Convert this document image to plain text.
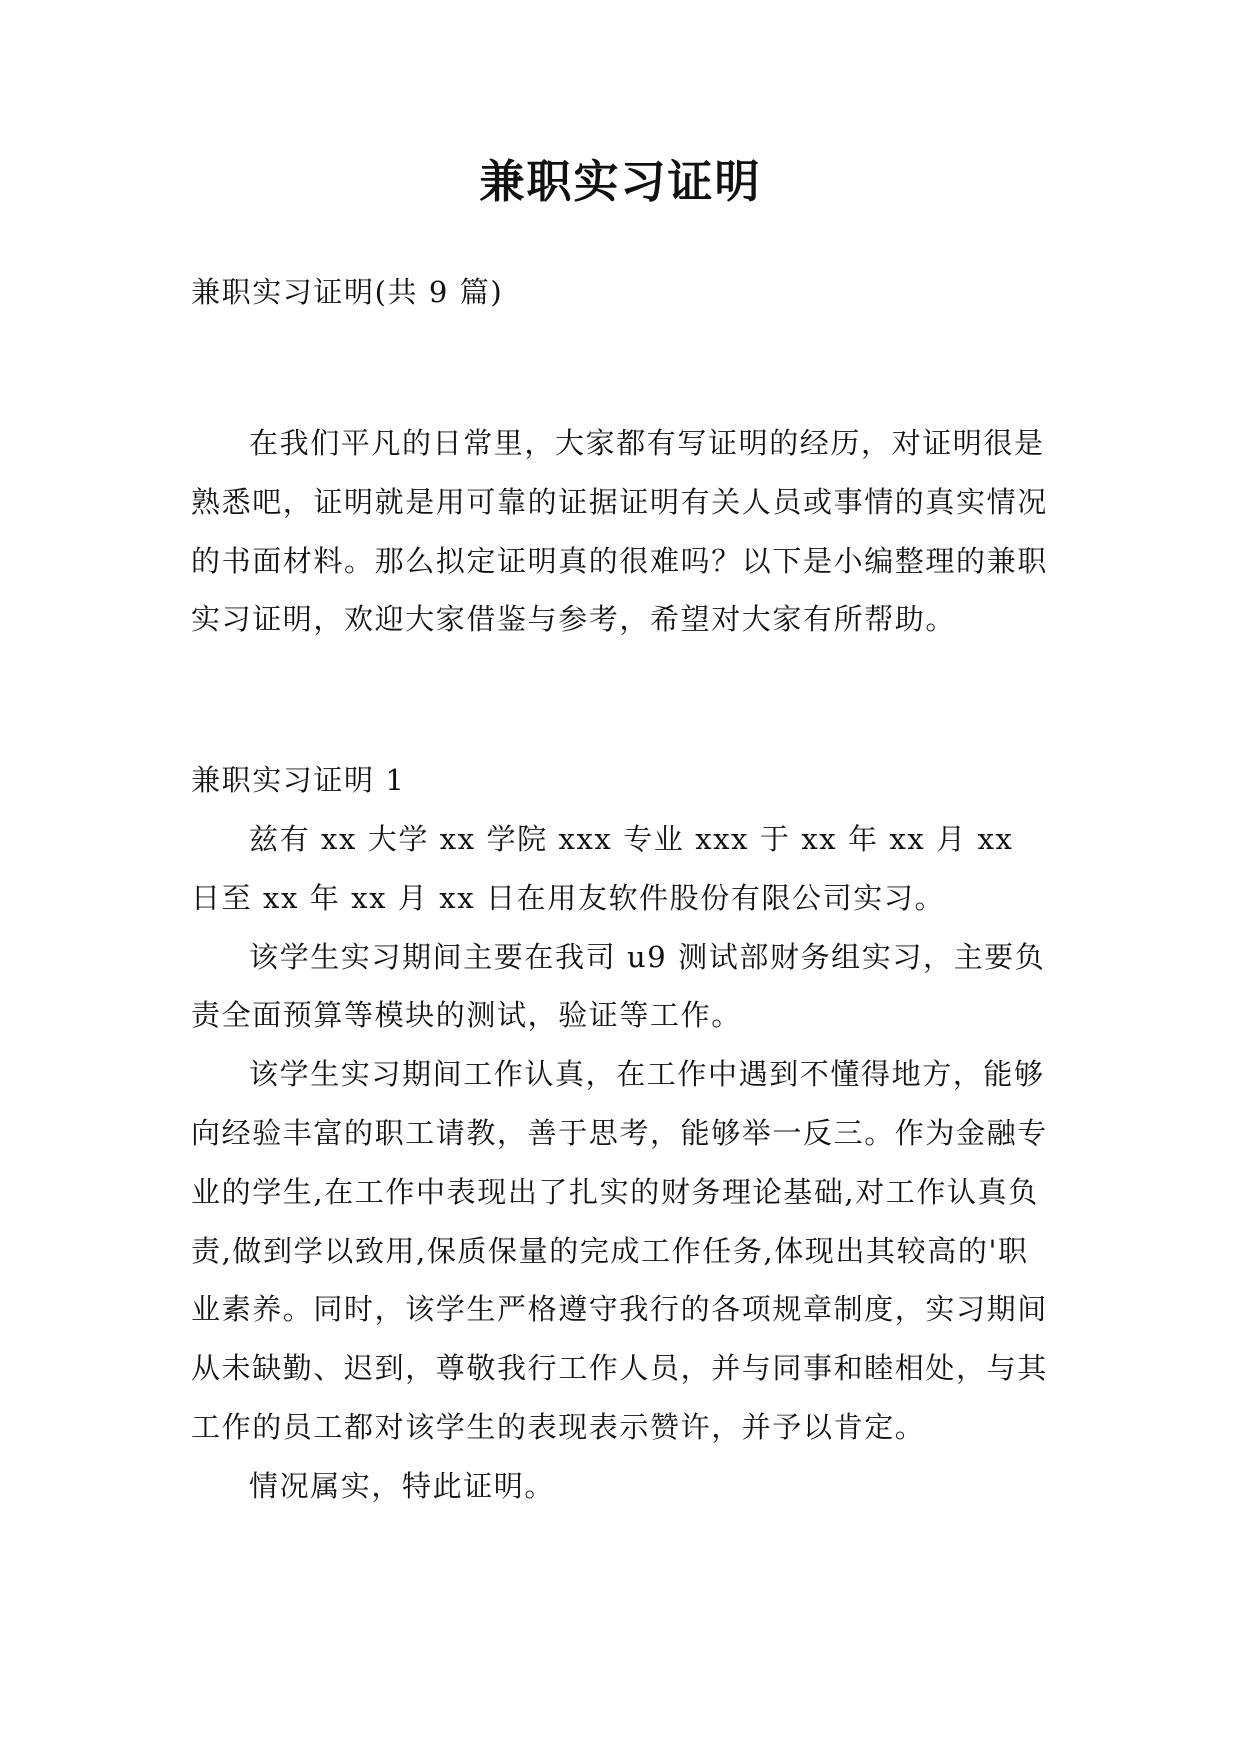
兼职实习证明

兼职实习证明(共 9 篇)

在我们平凡的日常里，大家都有写证明的经历，对证明很是熟悉吧，证明就是用可靠的证据证明有关人员或事情的真实情况的书面材料。那么拟定证明真的很难吗？以下是小编整理的兼职实习证明，欢迎大家借鉴与参考，希望对大家有所帮助。

兼职实习证明 1

兹有 xx 大学 xx 学院 xxx 专业 xxx 于 xx 年 xx 月 xx 日至 xx 年 xx 月 xx 日在用友软件股份有限公司实习。

该学生实习期间主要在我司 u9 测试部财务组实习，主要负责全面预算等模块的测试，验证等工作。

该学生实习期间工作认真，在工作中遇到不懂得地方，能够向经验丰富的职工请教，善于思考，能够举一反三。作为金融专业的学生,在工作中表现出了扎实的财务理论基础,对工作认真负责,做到学以致用,保质保量的完成工作任务,体现出其较高的'职业素养。同时，该学生严格遵守我行的各项规章制度，实习期间从未缺勤、迟到，尊敬我行工作人员，并与同事和睦相处，与其工作的员工都对该学生的表现表示赞许，并予以肯定。

情况属实，特此证明。
